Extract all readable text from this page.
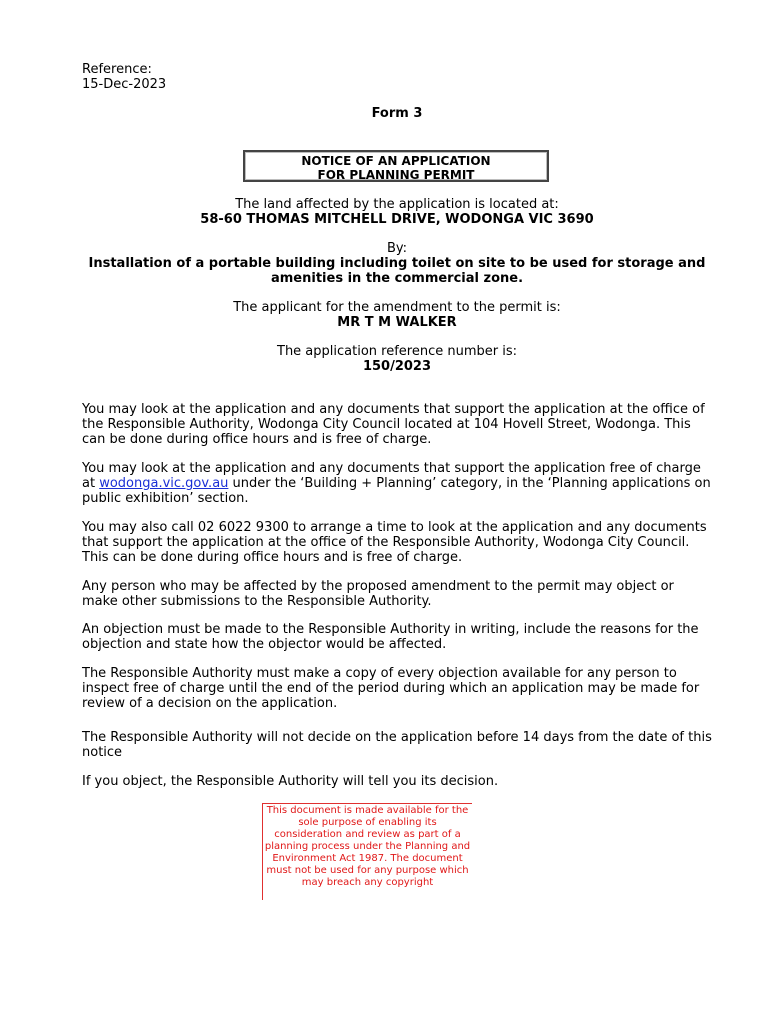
Reference:
15-Dec-2023
Form 3
NOTICE OF AN APPLICATION
FOR PLANNING PERMIT
The land affected by the application is located at:
58-60 THOMAS MITCHELL DRIVE, WODONGA VIC 3690
By:
Installation of a portable building including toilet on site to be used for storage and
amenities in the commercial zone.
The applicant for the amendment to the permit is:
MR T M WALKER
The application reference number is:
150/2023

You may look at the application and any documents that support the application at the office of the Responsible Authority, Wodonga City Council located at 104 Hovell Street, Wodonga. This can be done during office hours and is free of charge.

You may look at the application and any documents that support the application free of charge at wodonga.vic.gov.au under the ‘Building + Planning’ category, in the ‘Planning applications on public exhibition’ section.

You may also call 02 6022 9300 to arrange a time to look at the application and any documents that support the application at the office of the Responsible Authority, Wodonga City Council. This can be done during office hours and is free of charge.

Any person who may be affected by the proposed amendment to the permit may object or make other submissions to the Responsible Authority.

An objection must be made to the Responsible Authority in writing, include the reasons for the objection and state how the objector would be affected.

The Responsible Authority must make a copy of every objection available for any person to inspect free of charge until the end of the period during which an application may be made for review of a decision on the application.

The Responsible Authority will not decide on the application before 14 days from the date of this notice

If you object, the Responsible Authority will tell you its decision.

This document is made available for the
sole purpose of enabling its
consideration and review as part of a
planning process under the Planning and
Environment Act 1987. The document
must not be used for any purpose which
may breach any copyright
